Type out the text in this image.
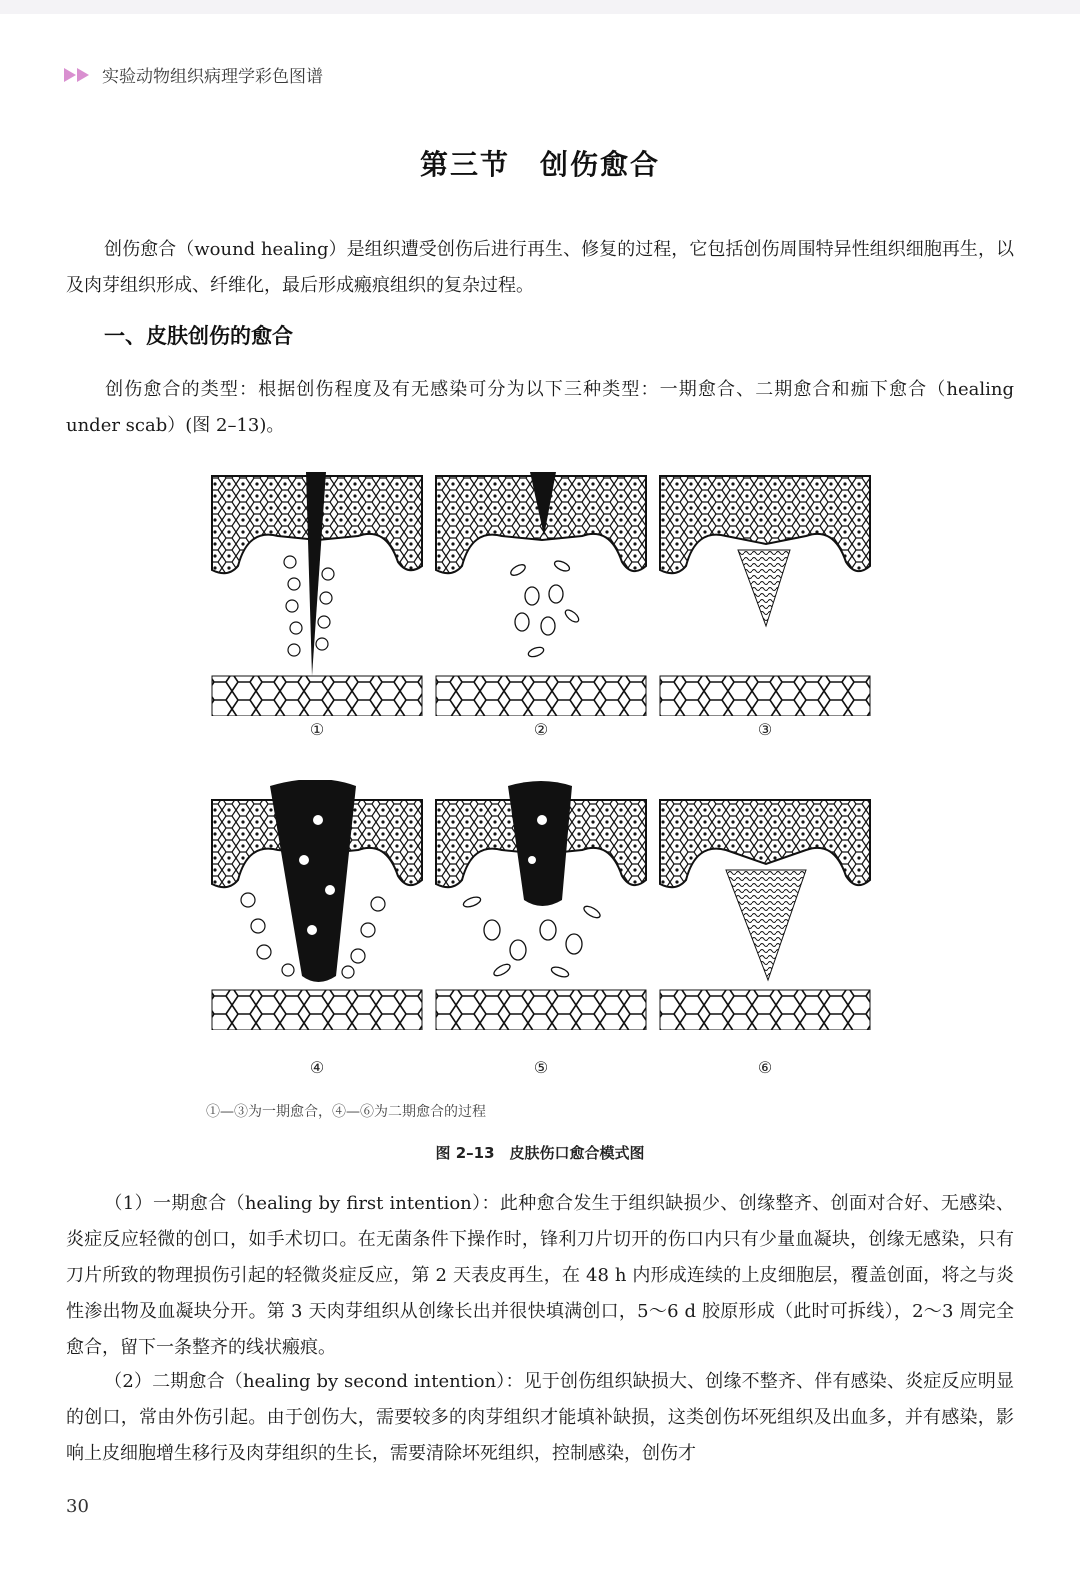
实验动物组织病理学彩色图谱
第三节　创伤愈合
创伤愈合（wound healing）是组织遭受创伤后进行再生、修复的过程，它包括创伤周围特异性组织细胞再生，以及肉芽组织形成、纤维化，最后形成瘢痕组织的复杂过程。
一、皮肤创伤的愈合
创伤愈合的类型：根据创伤程度及有无感染可分为以下三种类型：一期愈合、二期愈合和痂下愈合（healing under scab）(图 2–13)。
①	②	③
④	⑤	⑥
①—③为一期愈合，④—⑥为二期愈合的过程
图 2–13　皮肤伤口愈合模式图
（1）一期愈合（healing by first intention）：此种愈合发生于组织缺损少、创缘整齐、创面对合好、无感染、炎症反应轻微的创口，如手术切口。在无菌条件下操作时，锋利刀片切开的伤口内只有少量血凝块，创缘无感染，只有刀片所致的物理损伤引起的轻微炎症反应，第 2 天表皮再生，在 48 h 内形成连续的上皮细胞层，覆盖创面，将之与炎性渗出物及血凝块分开。第 3 天肉芽组织从创缘长出并很快填满创口，5～6 d 胶原形成（此时可拆线），2～3 周完全愈合，留下一条整齐的线状瘢痕。
（2）二期愈合（healing by second intention）：见于创伤组织缺损大、创缘不整齐、伴有感染、炎症反应明显的创口，常由外伤引起。由于创伤大，需要较多的肉芽组织才能填补缺损，这类创伤坏死组织及出血多，并有感染，影响上皮细胞增生移行及肉芽组织的生长，需要清除坏死组织，控制感染，创伤才
30
